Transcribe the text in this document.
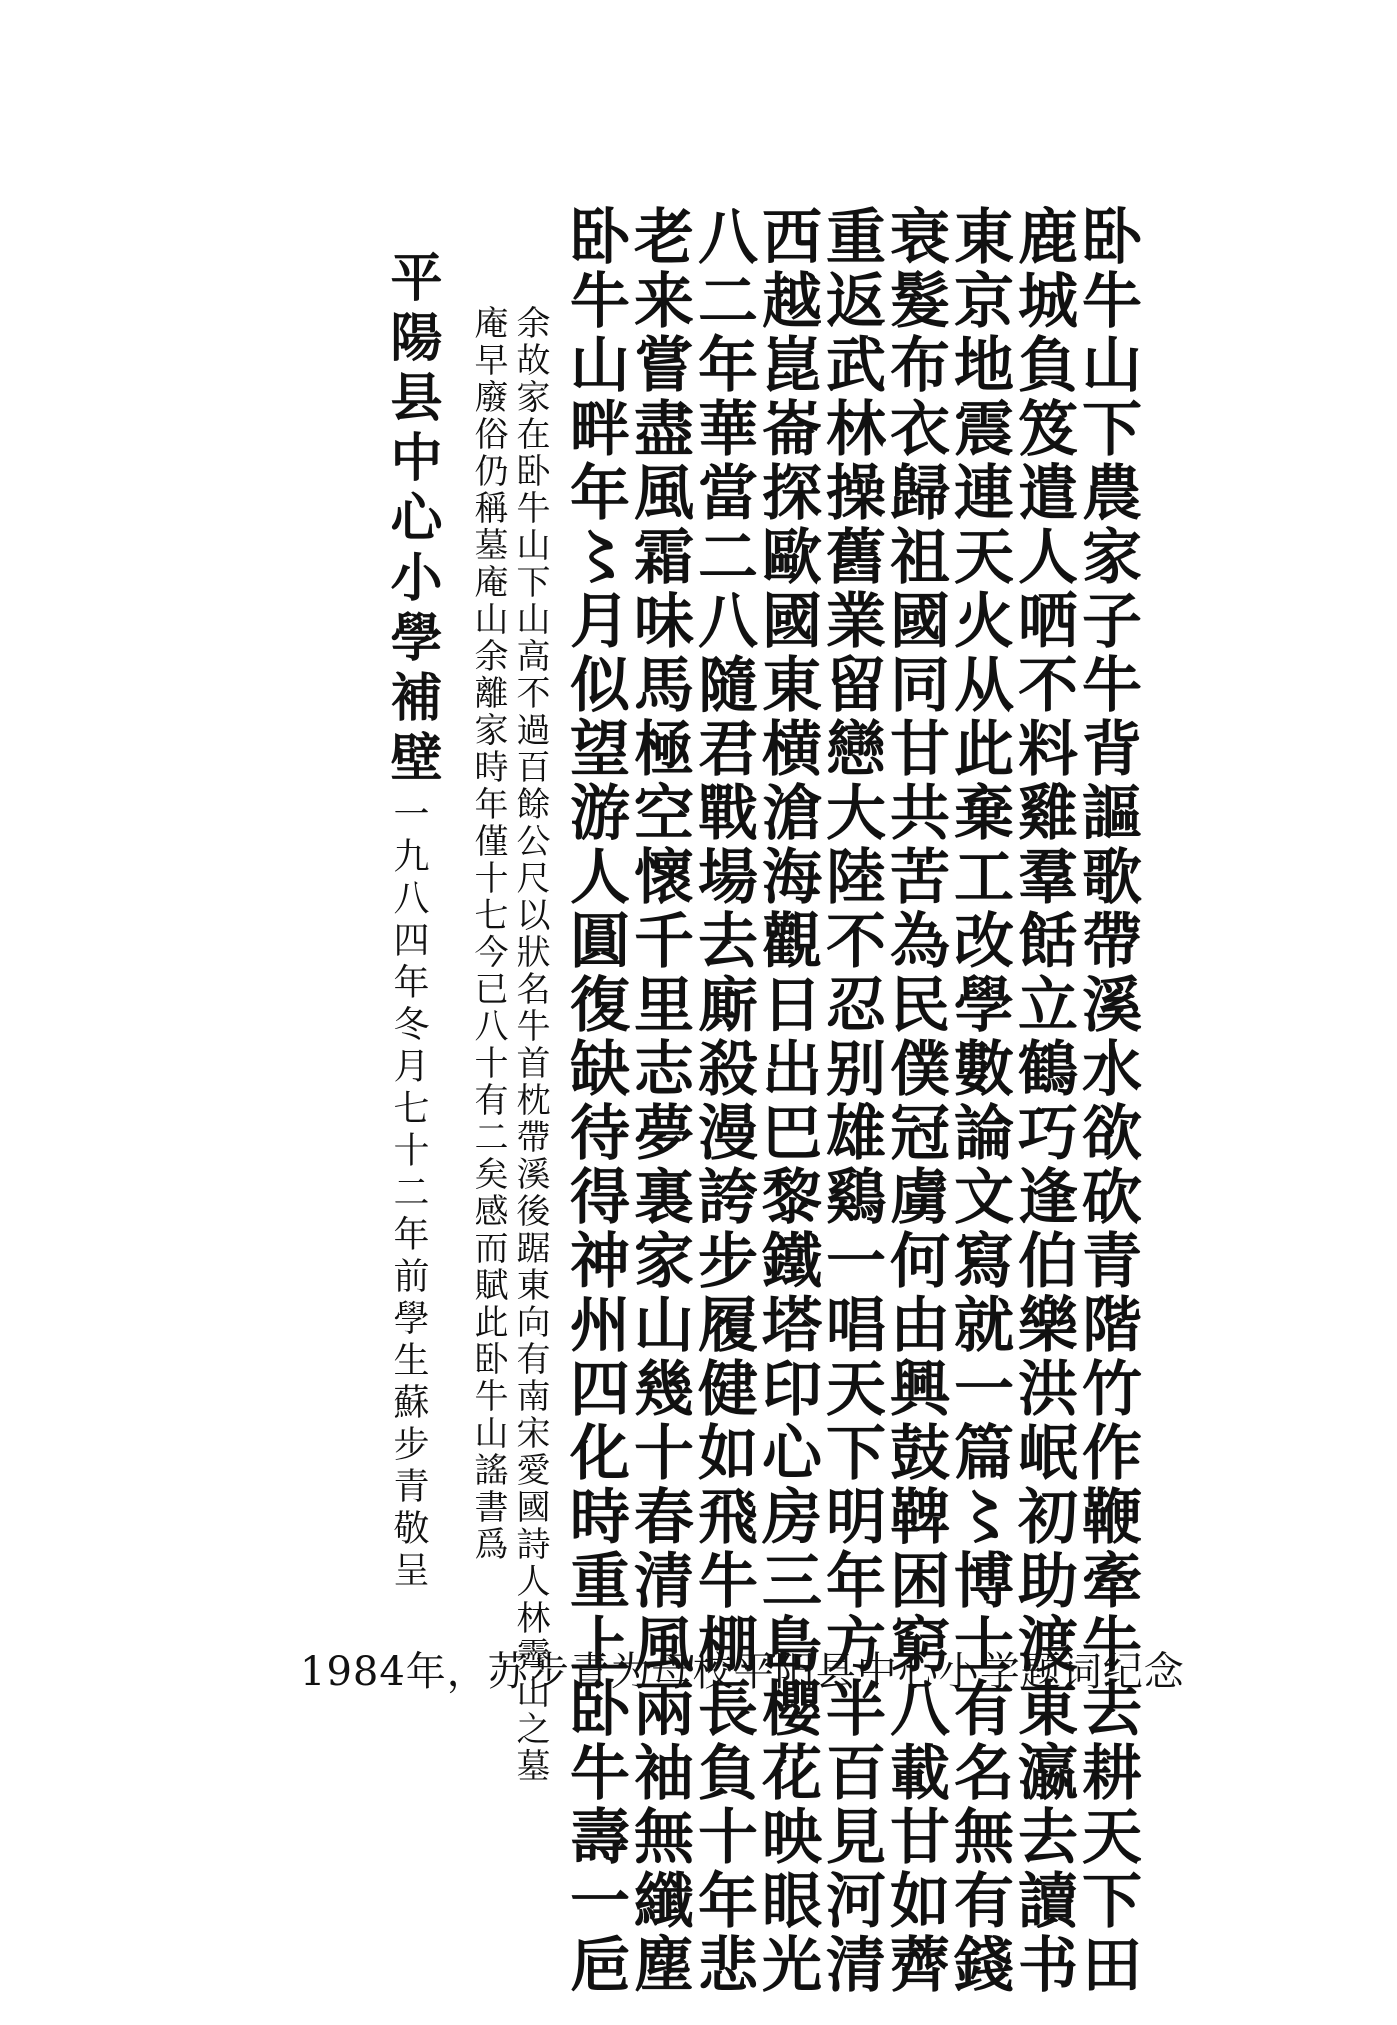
卧牛山下農家子牛背謳歌帶溪水欲砍青階竹作鞭牽牛去耕天下田
鹿城負笈遣人哂不料雞羣餂立鶴巧逢伯樂洪岷初助渡東瀛去讀书
東京地震連天火从此棄工改學數論文寫就一篇〻博士有名無有錢
衰髮布衣歸祖國同甘共苦為民僕冠虜何由興鼓鞞困窮八載甘如薺
重返武林操舊業留戀大陸不忍别雄鷄一唱天下明年方半百見河清
西越崑崙探歐國東横滄海觀日出巴黎鐵塔印心房三島櫻花映眼光
八二年華當二八隨君戰場去廝殺漫誇步履健如飛牛棚長負十年悲
老来嘗盡風霜味馬極空懷千里志夢裏家山幾十春清風兩袖無纖塵
卧牛山畔年〻月似望游人圓復缺待得神州四化時重上卧牛壽一巵
余故家在卧牛山下山高不過百餘公尺以狀名牛首枕帶溪後踞東向有南宋愛國詩人林霽山之墓
庵早廢俗仍稱墓庵山余離家時年僅十七今已八十有二矣感而賦此卧牛山謠書爲
平陽县中心小學補壁
一九八四年冬月七十二年前學生蘇步青敬呈
1984年，苏步青为母校平阳县中心小学题词纪念
